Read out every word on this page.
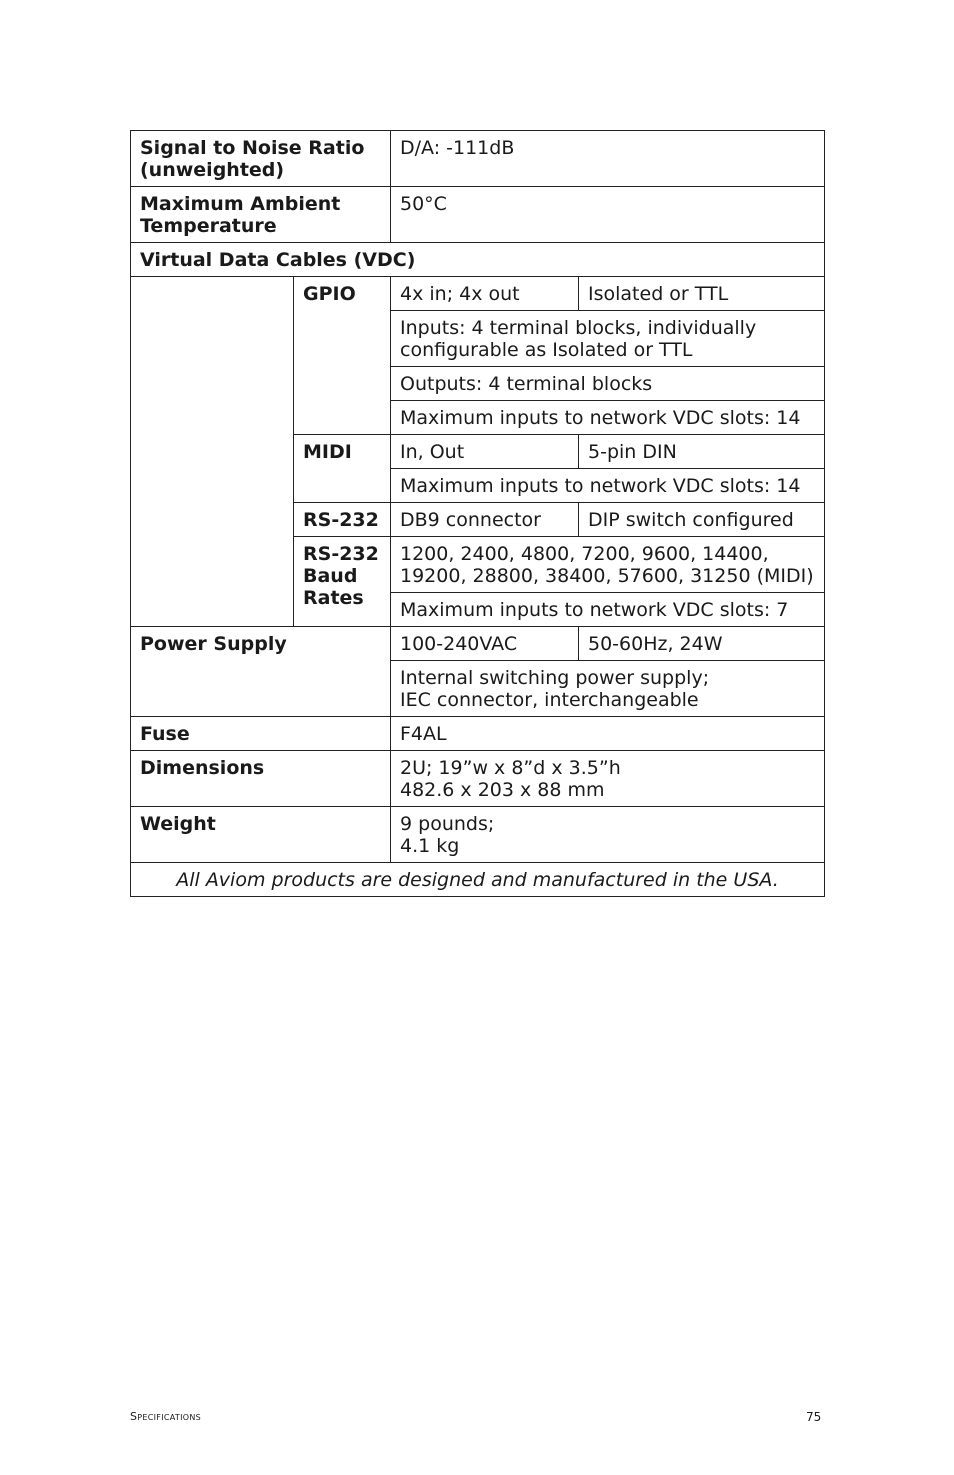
Signal to Noise Ratio (unweighted)		D/A: -111dB	
Maximum Ambient Temperature		50°C	
Virtual Data Cables (VDC)			
	GPIO	4x in; 4x out	Isolated or TTL
		Inputs: 4 terminal blocks, individually configurable as Isolated or TTL	
		Outputs: 4 terminal blocks	
		Maximum inputs to network VDC slots: 14	
	MIDI	In, Out	5-pin DIN
		Maximum inputs to network VDC slots: 14	
	RS-232	DB9 connector	DIP switch configured
	RS-232 Baud Rates	1200, 2400, 4800, 7200, 9600, 14400, 19200, 28800, 38400, 57600, 31250 (MIDI)	

		Maximum inputs to network VDC slots: 7	
Power Supply		100-240VAC	50-60Hz, 24W
		Internal switching power supply;
IEC connector, interchangeable	
Fuse		F4AL	
Dimensions		2U; 19”w x 8”d x 3.5”h
482.6 x 203 x 88 mm	
Weight		9 pounds;
4.1 kg	
All Aviom products are designed and manufactured in the USA.			
Specifications	75
